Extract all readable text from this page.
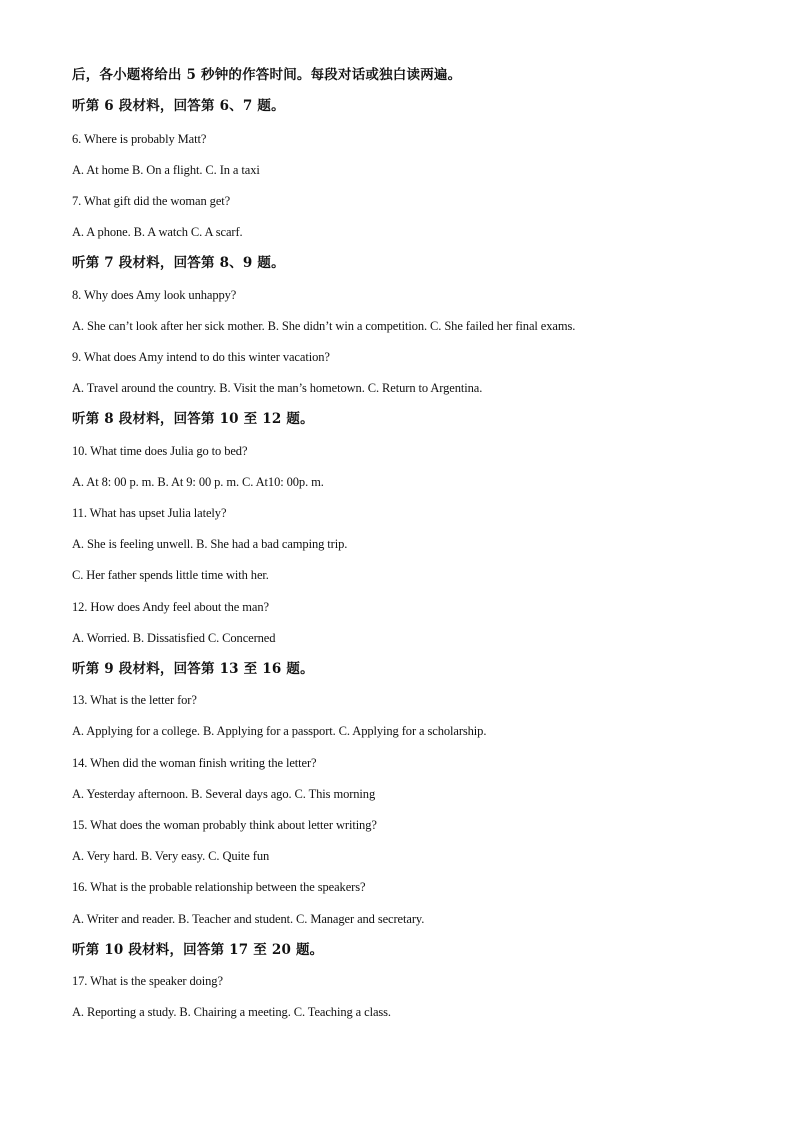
后，各小题将给出 5 秒钟的作答时间。每段对话或独白读两遍。
听第 6 段材料，回答第 6、7 题。
6. Where is probably Matt?
A. At home B. On a flight. C. In a taxi
7. What gift did the woman get?
A. A phone. B. A watch C. A scarf.
听第 7 段材料，回答第 8、9 题。
8. Why does Amy look unhappy?
A. She can’t look after her sick mother. B. She didn’t win a competition. C. She failed her final exams.
9. What does Amy intend to do this winter vacation?
A. Travel around the country. B. Visit the man’s hometown. C. Return to Argentina.
听第 8 段材料，回答第 10 至 12 题。
10. What time does Julia go to bed?
A. At 8: 00 p. m. B. At 9: 00 p. m. C. At10: 00p. m.
11. What has upset Julia lately?
A. She is feeling unwell. B. She had a bad camping trip.
C. Her father spends little time with her.
12. How does Andy feel about the man?
A. Worried. B. Dissatisfied C. Concerned
听第 9 段材料，回答第 13 至 16 题。
13. What is the letter for?
A. Applying for a college. B. Applying for a passport. C. Applying for a scholarship.
14. When did the woman finish writing the letter?
A. Yesterday afternoon. B. Several days ago. C. This morning
15. What does the woman probably think about letter writing?
A. Very hard. B. Very easy. C. Quite fun
16. What is the probable relationship between the speakers?
A. Writer and reader. B. Teacher and student. C. Manager and secretary.
听第 10 段材料，回答第 17 至 20 题。
17. What is the speaker doing?
A. Reporting a study. B. Chairing a meeting. C. Teaching a class.
